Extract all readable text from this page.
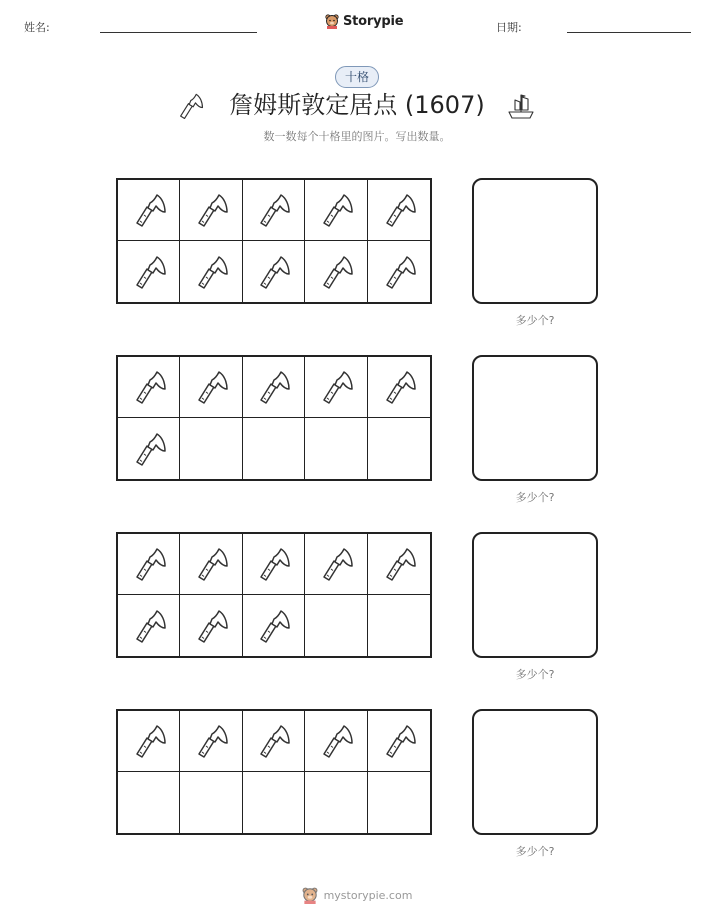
姓名:	Storypie	日期:
十格
詹姆斯敦定居点 (1607)
数一数每个十格里的图片。写出数量。
多少个?
多少个?
多少个?
多少个?
mystorypie.com
